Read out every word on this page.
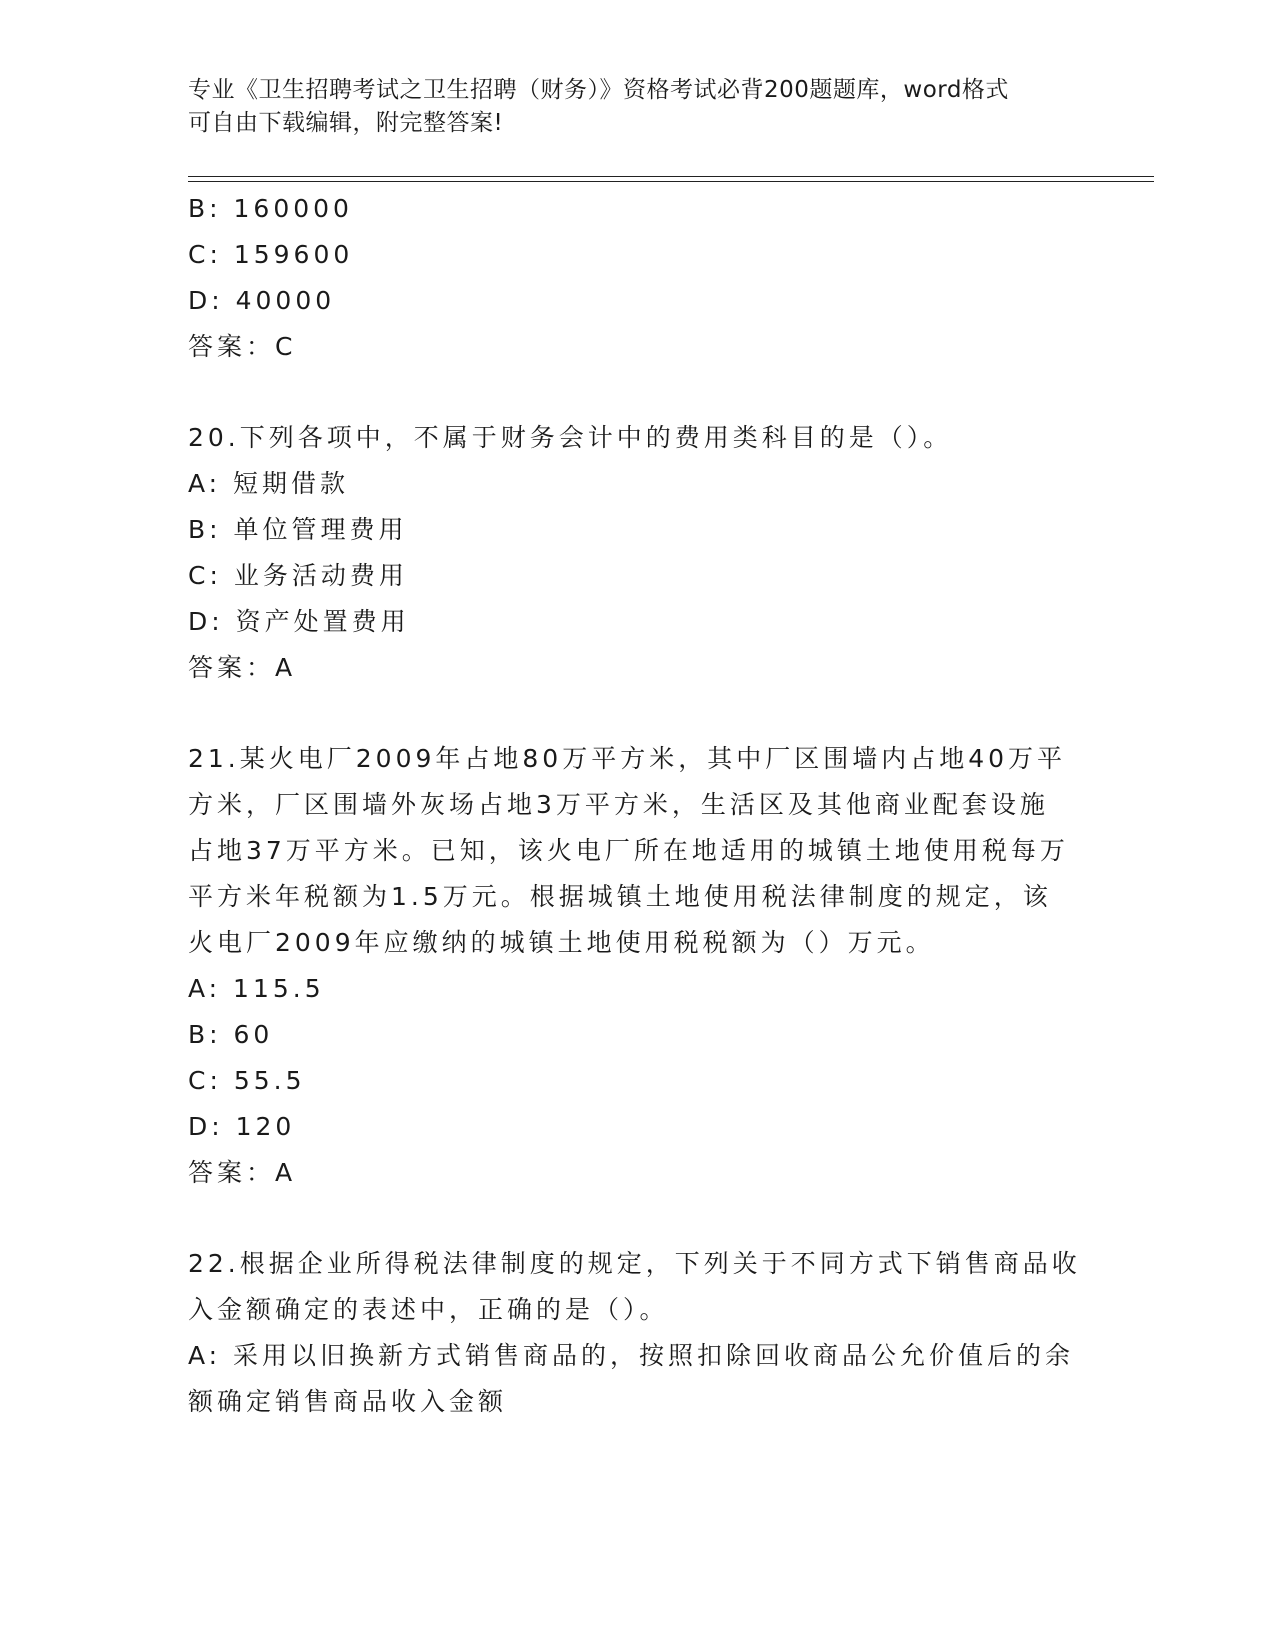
专业《卫生招聘考试之卫生招聘（财务）》资格考试必背200题题库，word格式
可自由下载编辑，附完整答案!

B: 160000

C: 159600

D: 40000

答案：C

20.下列各项中，不属于财务会计中的费用类科目的是（）。

A: 短期借款

B: 单位管理费用

C: 业务活动费用

D: 资产处置费用

答案：A

21.某火电厂2009年占地80万平方米，其中厂区围墙内占地40万平

方米，厂区围墙外灰场占地3万平方米，生活区及其他商业配套设施

占地37万平方米。已知，该火电厂所在地适用的城镇土地使用税每万

平方米年税额为1.5万元。根据城镇土地使用税法律制度的规定，该

火电厂2009年应缴纳的城镇土地使用税税额为（）万元。

A: 115.5

B: 60

C: 55.5

D: 120

答案：A

22.根据企业所得税法律制度的规定，下列关于不同方式下销售商品收

入金额确定的表述中，正确的是（）。

A: 采用以旧换新方式销售商品的，按照扣除回收商品公允价值后的余

额确定销售商品收入金额
